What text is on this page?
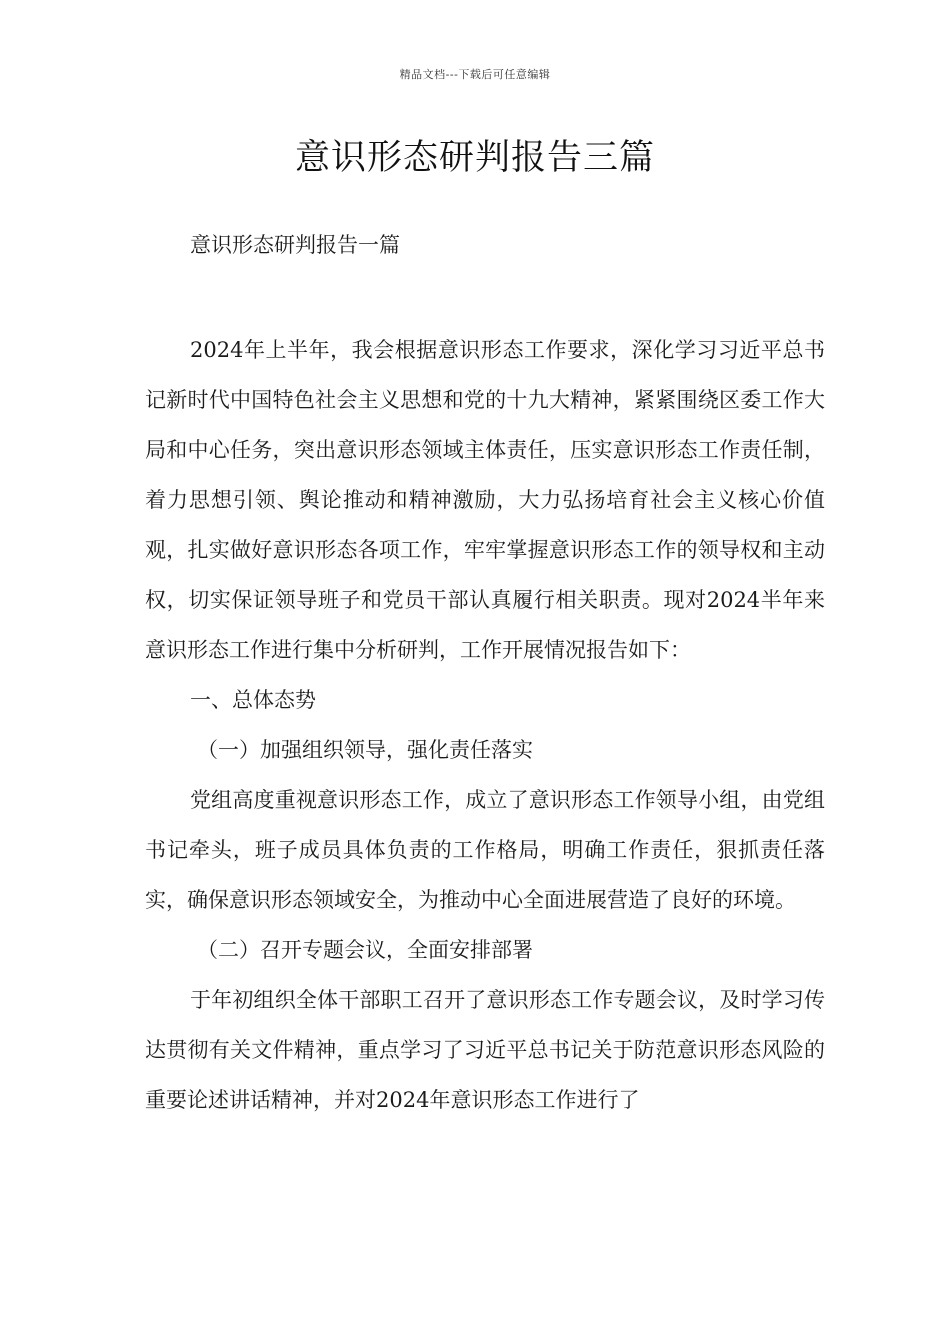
精品文档---下载后可任意编辑
意识形态研判报告三篇

意识形态研判报告一篇

2024年上半年，我会根据意识形态工作要求，深化学习习近平总书记新时代中国特色社会主义思想和党的十九大精神，紧紧围绕区委工作大局和中心任务，突出意识形态领域主体责任，压实意识形态工作责任制，着力思想引领、舆论推动和精神激励，大力弘扬培育社会主义核心价值观，扎实做好意识形态各项工作，牢牢掌握意识形态工作的领导权和主动权，切实保证领导班子和党员干部认真履行相关职责。现对2024半年来意识形态工作进行集中分析研判，工作开展情况报告如下：

一、总体态势

（一）加强组织领导，强化责任落实

党组高度重视意识形态工作，成立了意识形态工作领导小组，由党组书记牵头，班子成员具体负责的工作格局，明确工作责任，狠抓责任落实，确保意识形态领域安全，为推动中心全面进展营造了良好的环境。

（二）召开专题会议，全面安排部署

于年初组织全体干部职工召开了意识形态工作专题会议，及时学习传达贯彻有关文件精神，重点学习了习近平总书记关于防范意识形态风险的重要论述讲话精神，并对2024年意识形态工作进行了
